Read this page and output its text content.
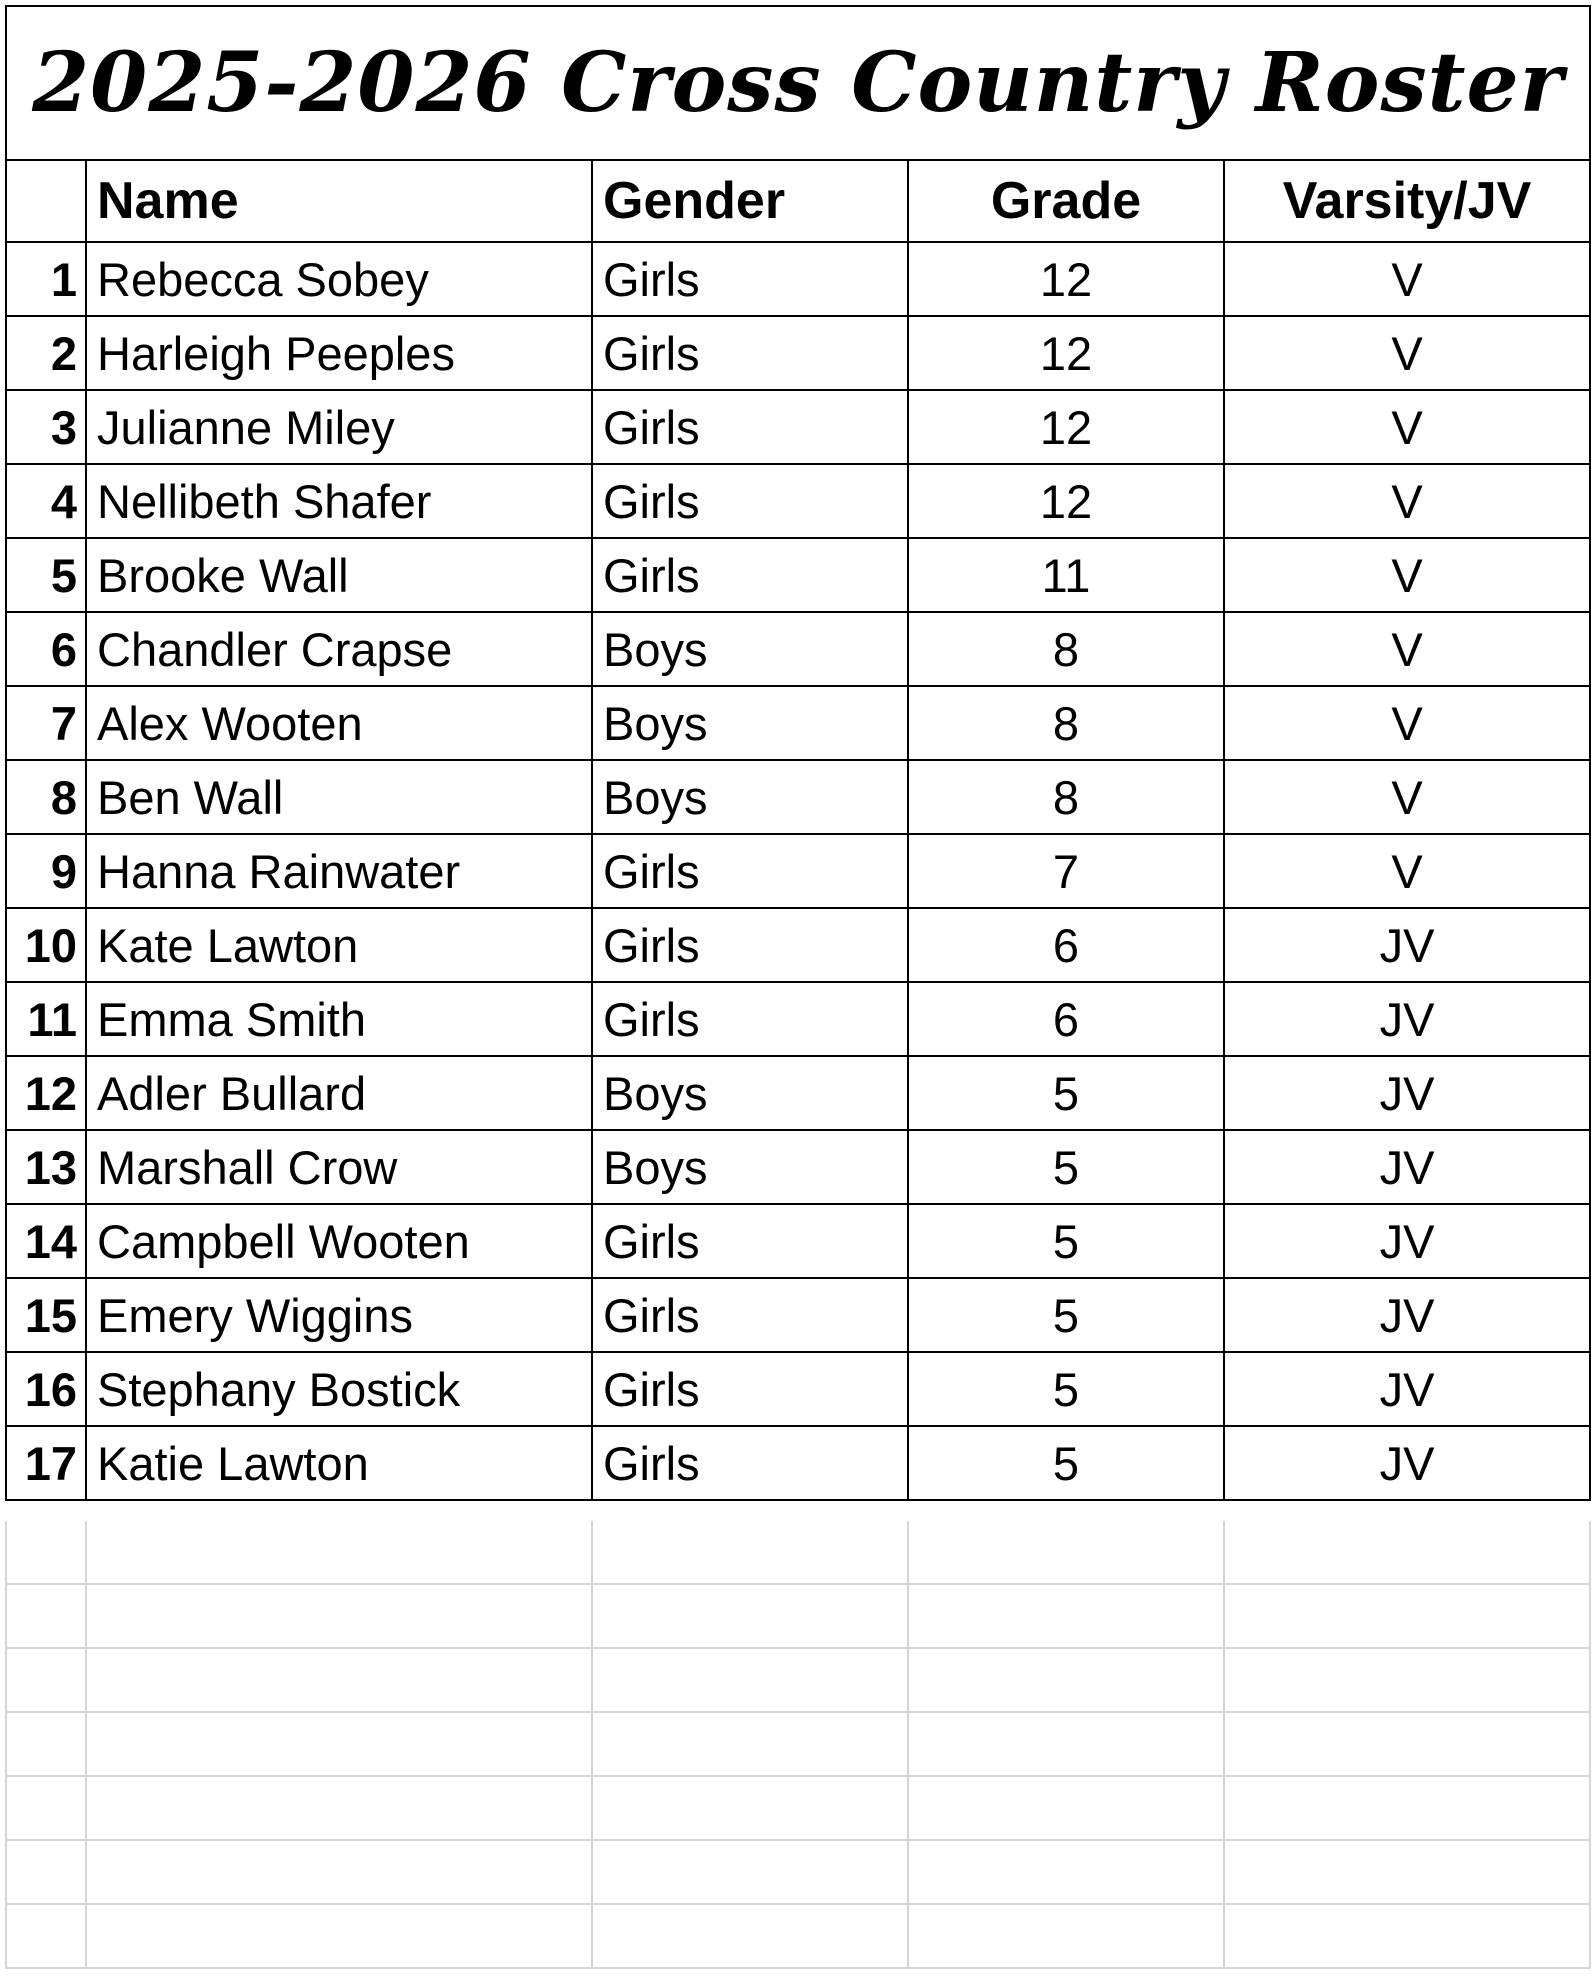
2025-2026 Cross Country Roster				
	Name	Gender	Grade	Varsity/JV
1	Rebecca Sobey	Girls	12	V
2	Harleigh Peeples	Girls	12	V
3	Julianne Miley	Girls	12	V
4	Nellibeth Shafer	Girls	12	V
5	Brooke Wall	Girls	11	V
6	Chandler Crapse	Boys	8	V
7	Alex Wooten	Boys	8	V
8	Ben Wall	Boys	8	V
9	Hanna Rainwater	Girls	7	V
10	Kate Lawton	Girls	6	JV
11	Emma Smith	Girls	6	JV
12	Adler Bullard	Boys	5	JV
13	Marshall Crow	Boys	5	JV
14	Campbell Wooten	Girls	5	JV
15	Emery Wiggins	Girls	5	JV
16	Stephany Bostick	Girls	5	JV
17	Katie Lawton	Girls	5	JV
